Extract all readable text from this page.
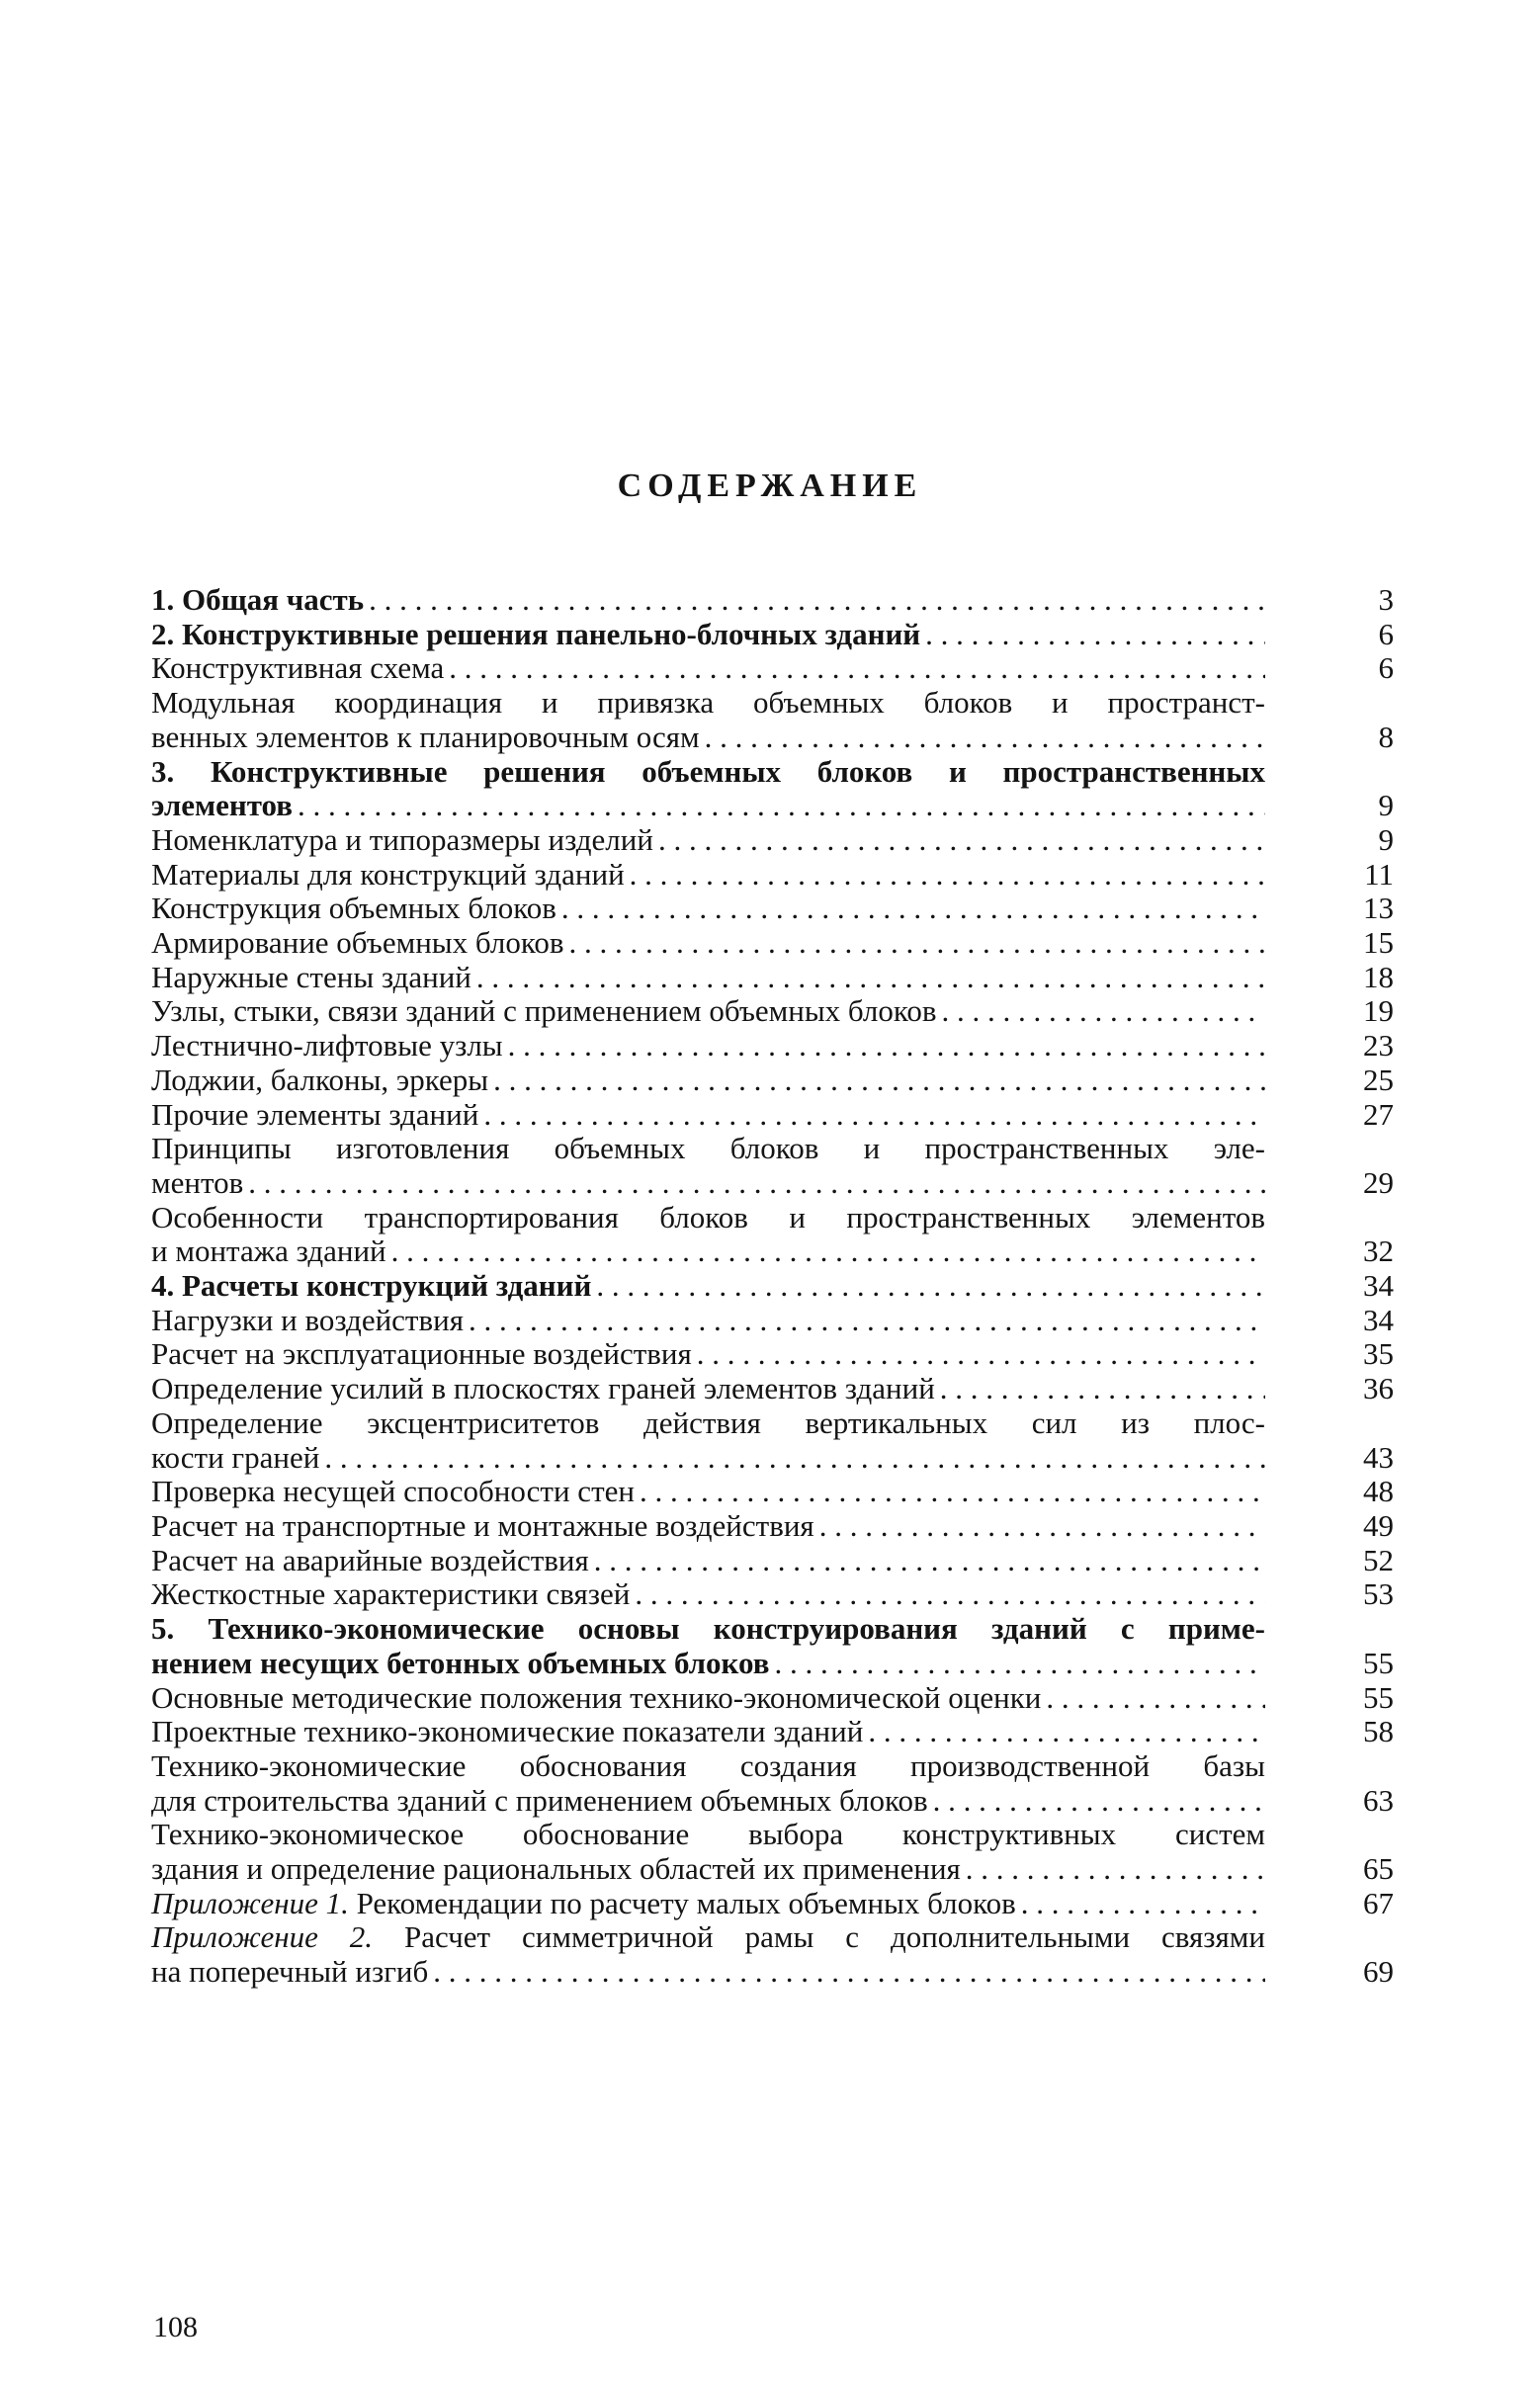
СОДЕРЖАНИЕ
1. Общая часть . . .	3
2. Конструктивные решения панельно-блочных зданий . . .	6
Конструктивная схема . . .	6
Модульная координация и привязка объемных блоков и пространст-
венных элементов к планировочным осям . . .	8
3. Конструктивные решения объемных блоков и пространственных
элементов . . .	9
Номенклатура и типоразмеры изделий . . .	9
Материалы для конструкций зданий . . .	11
Конструкция объемных блоков . . .	13
Армирование объемных блоков . . .	15
Наружные стены зданий . . .	18
Узлы, стыки, связи зданий с применением объемных блоков . . .	19
Лестнично-лифтовые узлы . . .	23
Лоджии, балконы, эркеры . . .	25
Прочие элементы зданий . . .	27
Принципы изготовления объемных блоков и пространственных эле-
ментов . . .	29
Особенности транспортирования блоков и пространственных элементов
и монтажа зданий . . .	32
4. Расчеты конструкций зданий . . .	34
Нагрузки и воздействия . . .	34
Расчет на эксплуатационные воздействия . . .	35
Определение усилий в плоскостях граней элементов зданий . . .	36
Определение эксцентриситетов действия вертикальных сил из плос-
кости граней . . .	43
Проверка несущей способности стен . . .	48
Расчет на транспортные и монтажные воздействия . . .	49
Расчет на аварийные воздействия . . .	52
Жесткостные характеристики связей . . .	53
5. Технико-экономические основы конструирования зданий с приме-
нением несущих бетонных объемных блоков . . .	55
Основные методические положения технико-экономической оценки . . .	55
Проектные технико-экономические показатели зданий . . .	58
Технико-экономические обоснования создания производственной базы
для строительства зданий с применением объемных блоков . . .	63
Технико-экономическое обоснование выбора конструктивных систем
здания и определение рациональных областей их применения . . .	65
Приложение 1. Рекомендации по расчету малых объемных блоков . . .	67
Приложение 2. Расчет симметричной рамы с дополнительными связями
на поперечный изгиб . . .	69
108
